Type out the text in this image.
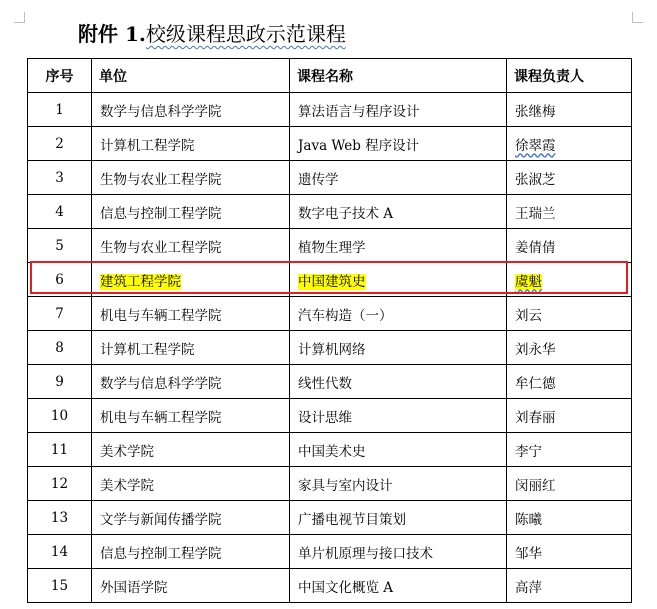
附件 1.校级课程思政示范课程
序号	单位	课程名称	课程负责人
1	数学与信息科学学院	算法语言与程序设计	张继梅
2	计算机工程学院	Java Web 程序设计	徐翠霞
3	生物与农业工程学院	遗传学	张淑芝
4	信息与控制工程学院	数字电子技术 A	王瑞兰
5	生物与农业工程学院	植物生理学	姜倩倩
6	建筑工程学院	中国建筑史	虞魁
7	机电与车辆工程学院	汽车构造（一）	刘云
8	计算机工程学院	计算机网络	刘永华
9	数学与信息科学学院	线性代数	牟仁德
10	机电与车辆工程学院	设计思维	刘春丽
11	美术学院	中国美术史	李宁
12	美术学院	家具与室内设计	闵丽红
13	文学与新闻传播学院	广播电视节目策划	陈曦
14	信息与控制工程学院	单片机原理与接口技术	邹华
15	外国语学院	中国文化概览 A	高萍
